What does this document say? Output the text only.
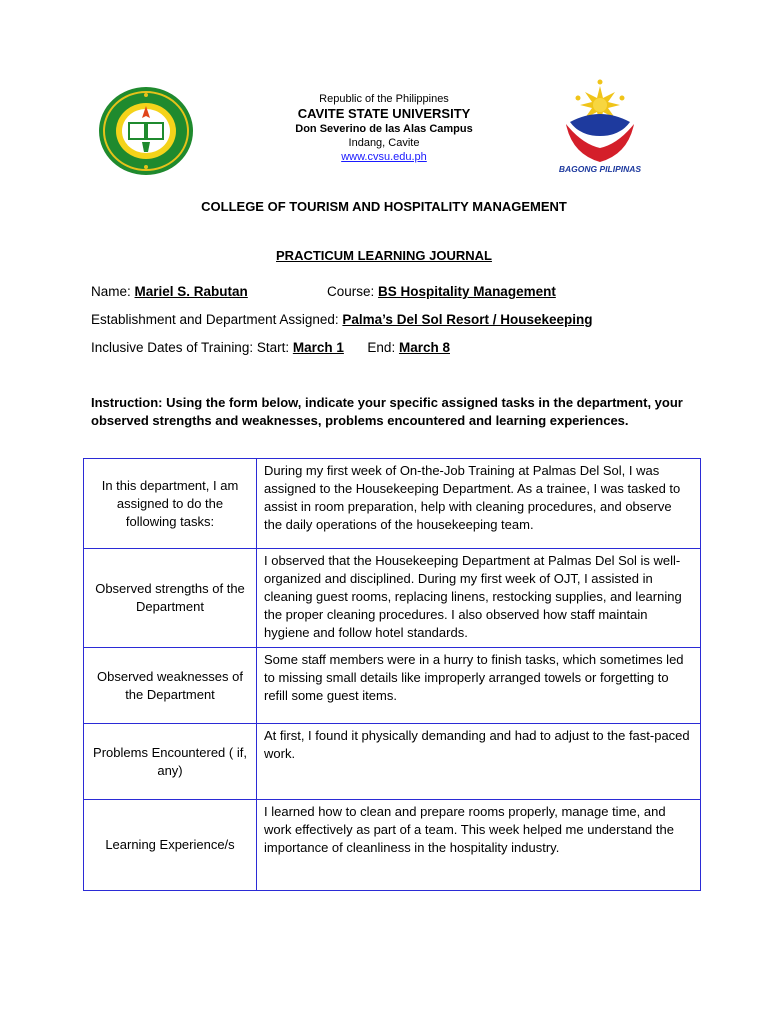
Republic of the Philippines
CAVITE STATE UNIVERSITY
Don Severino de las Alas Campus
Indang, Cavite
www.cvsu.edu.ph
BAGONG PILIPINAS
COLLEGE OF TOURISM AND HOSPITALITY MANAGEMENT
PRACTICUM LEARNING JOURNAL
Name: Mariel S. Rabutan	Course: BS Hospitality Management
Establishment and Department Assigned: Palma’s Del Sol Resort / Housekeeping
Inclusive Dates of Training: Start: March 1 End: March 8
Instruction: Using the form below, indicate your specific assigned tasks in the department, your observed strengths and weaknesses, problems encountered and learning experiences.
In this department, I am assigned to do the following tasks:	During my first week of On-the-Job Training at Palmas Del Sol, I was assigned to the Housekeeping Department. As a trainee, I was tasked to assist in room preparation, help with cleaning procedures, and observe the daily operations of the housekeeping team.
Observed strengths of the Department	I observed that the Housekeeping Department at Palmas Del Sol is well-organized and disciplined. During my first week of OJT, I assisted in cleaning guest rooms, replacing linens, restocking supplies, and learning the proper cleaning procedures. I also observed how staff maintain hygiene and follow hotel standards.
Observed weaknesses of the Department	Some staff members were in a hurry to finish tasks, which sometimes led to missing small details like improperly arranged towels or forgetting to refill some guest items.
Problems Encountered ( if, any)	At first, I found it physically demanding and had to adjust to the fast-paced work.
Learning Experience/s	I learned how to clean and prepare rooms properly, manage time, and work effectively as part of a team. This week helped me understand the importance of cleanliness in the hospitality industry.
